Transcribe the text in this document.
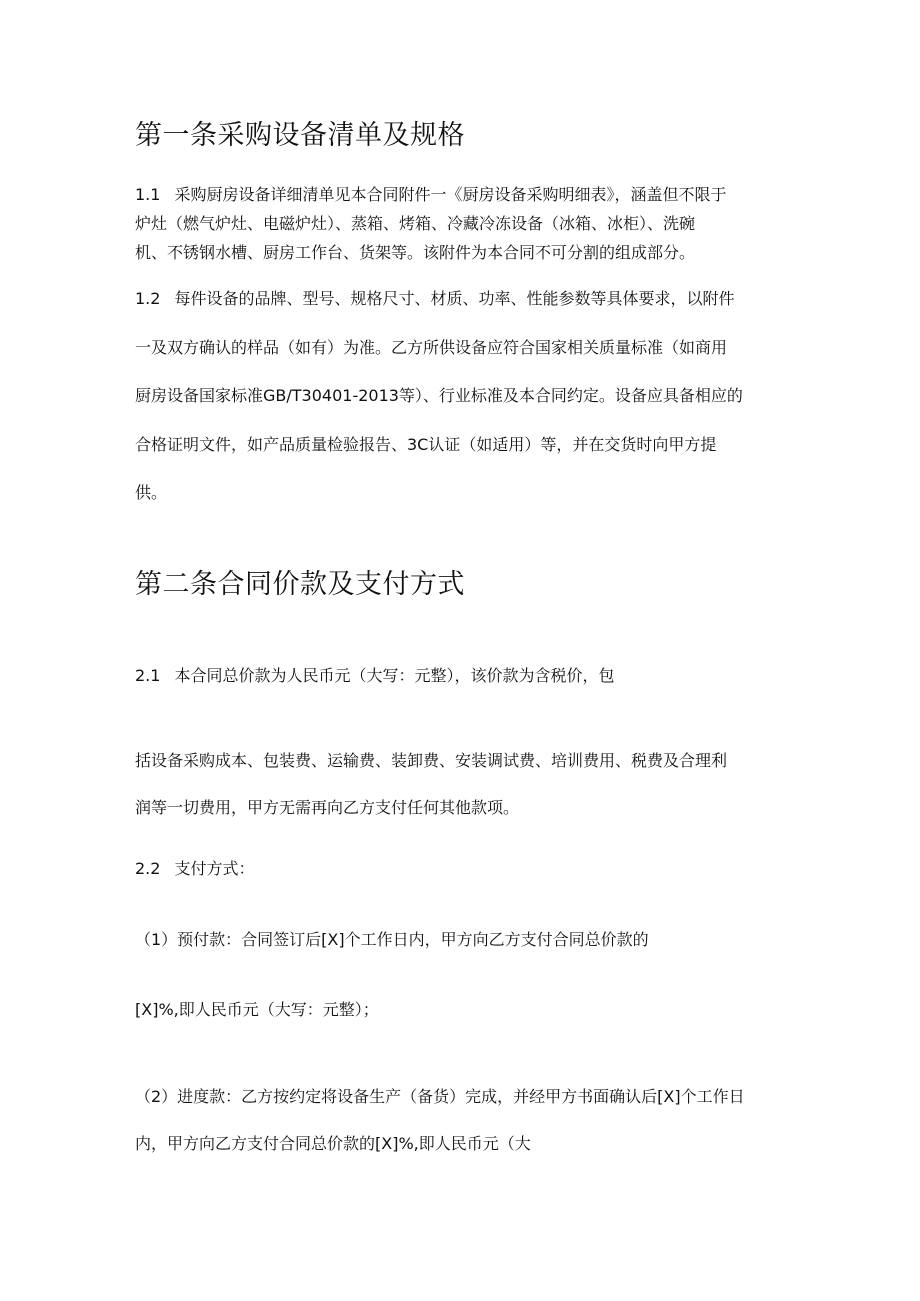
第一条采购设备清单及规格
1.1 采购厨房设备详细清单见本合同附件一《厨房设备采购明细表》，涵盖但不限于
炉灶（燃气炉灶、电磁炉灶）、蒸箱、烤箱、冷藏冷冻设备（冰箱、冰柜）、洗碗
机、不锈钢水槽、厨房工作台、货架等。该附件为本合同不可分割的组成部分。
1.2 每件设备的品牌、型号、规格尺寸、材质、功率、性能参数等具体要求，以附件
一及双方确认的样品（如有）为准。乙方所供设备应符合国家相关质量标准（如商用
厨房设备国家标准GB/T30401-2013等）、行业标准及本合同约定。设备应具备相应的
合格证明文件，如产品质量检验报告、3C认证（如适用）等，并在交货时向甲方提
供。
第二条合同价款及支付方式
2.1 本合同总价款为人民币元（大写：元整），该价款为含税价，包
括设备采购成本、包装费、运输费、装卸费、安装调试费、培训费用、税费及合理利
润等一切费用，甲方无需再向乙方支付任何其他款项。
2.2 支付方式：
（1）预付款：合同签订后[X]个工作日内，甲方向乙方支付合同总价款的
[X]%,即人民币元（大写：元整）；
（2）进度款：乙方按约定将设备生产（备货）完成，并经甲方书面确认后[X]个工作日
内，甲方向乙方支付合同总价款的[X]%,即人民币元（大
